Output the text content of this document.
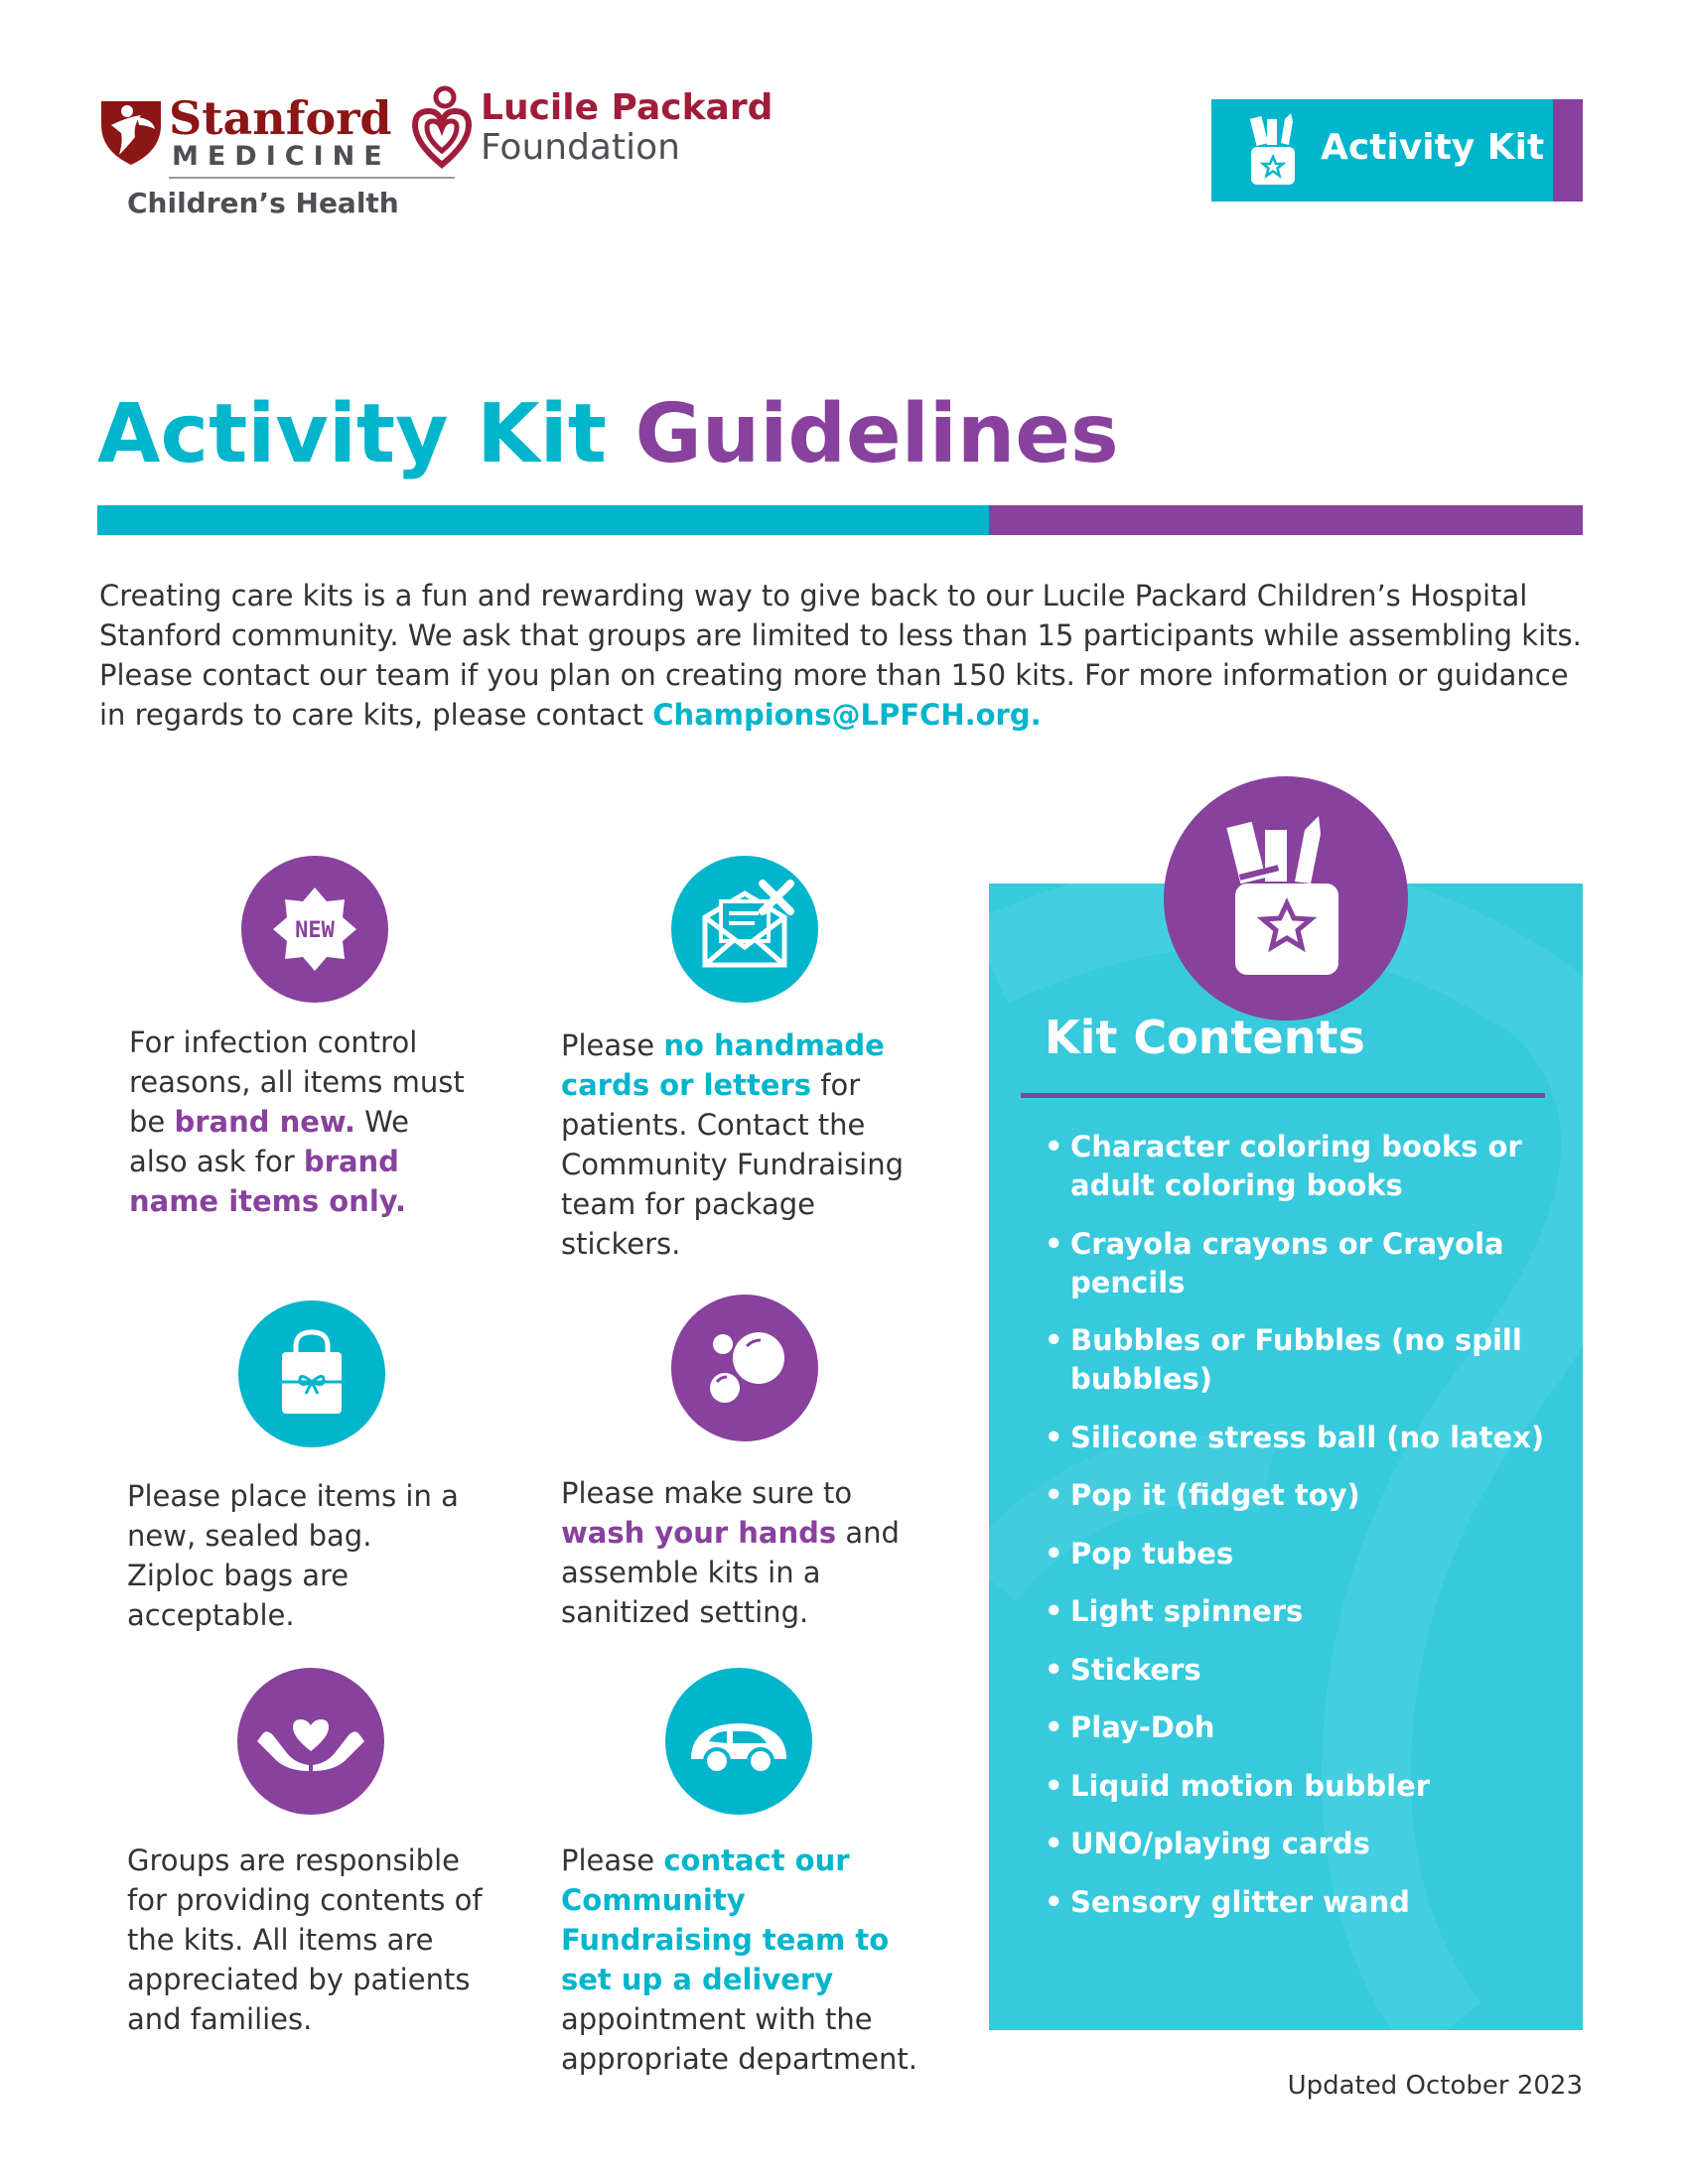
Stanford
MEDICINE
Children’s Health
Lucile Packard
Foundation	Activity Kit
Activity Kit Guidelines
Creating care kits is a fun and rewarding way to give back to our Lucile Packard Children’s Hospital Stanford community. We ask that groups are limited to less than 15 participants while assembling kits. Please contact our team if you plan on creating more than 150 kits. For more information or guidance in regards to care kits, please contact Champions@LPFCH.org.
NEW
For infection control reasons, all items must be brand new. We also ask for brand name items only.
Please no handmade cards or letters for patients. Contact the Community Fundraising team for package stickers.
Please place items in a new, sealed bag. Ziploc bags are acceptable.
Please make sure to wash your hands and assemble kits in a sanitized setting.
Groups are responsible for providing contents of the kits. All items are appreciated by patients and families.
Please contact our Community Fundraising team to set up a delivery appointment with the appropriate department.
Kit Contents
• Character coloring books or adult coloring books
• Crayola crayons or Crayola pencils
• Bubbles or Fubbles (no spill bubbles)
• Silicone stress ball (no latex)
• Pop it (fidget toy)
• Pop tubes
• Light spinners
• Stickers
• Play-Doh
• Liquid motion bubbler
• UNO/playing cards
• Sensory glitter wand
Updated October 2023
